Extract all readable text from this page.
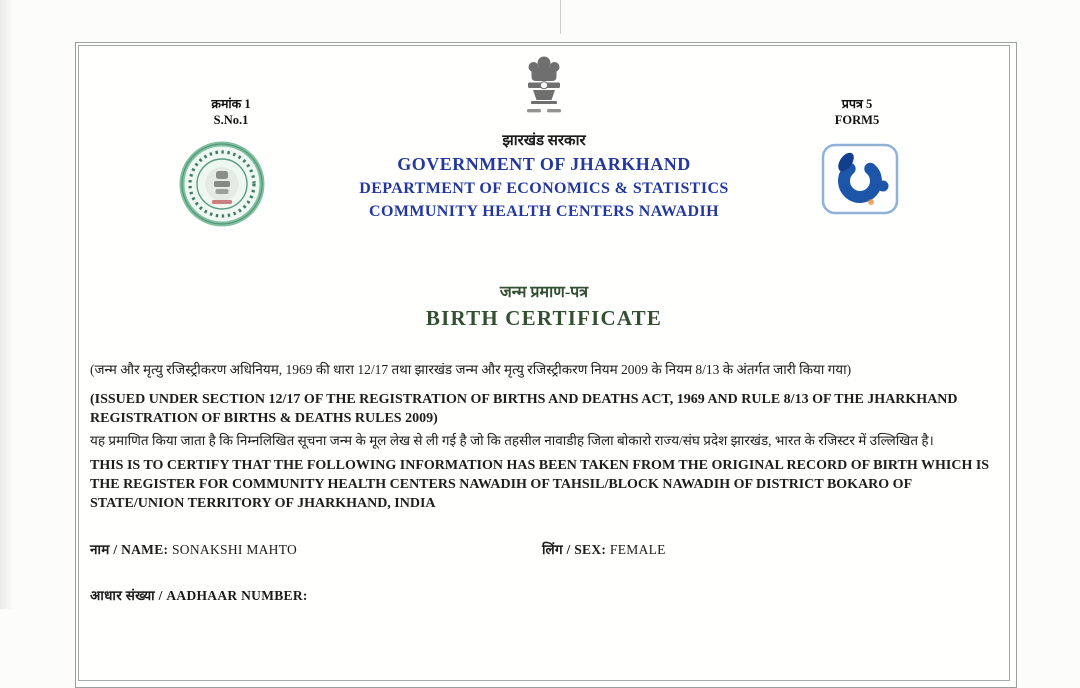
क्रमांक 1
S.No.1
प्रपत्र 5
FORM5
झारखंड सरकार
GOVERNMENT OF JHARKHAND
DEPARTMENT OF ECONOMICS & STATISTICS
COMMUNITY HEALTH CENTERS NAWADIH
जन्म प्रमाण-पत्र
BIRTH CERTIFICATE

(जन्म और मृत्यु रजिस्ट्रीकरण अधिनियम, 1969 की धारा 12/17 तथा झारखंड जन्म और मृत्यु रजिस्ट्रीकरण नियम 2009 के नियम 8/13 के अंतर्गत जारी किया गया)

(ISSUED UNDER SECTION 12/17 OF THE REGISTRATION OF BIRTHS AND DEATHS ACT, 1969 AND RULE 8/13 OF THE JHARKHAND REGISTRATION OF BIRTHS & DEATHS RULES 2009)

यह प्रमाणित किया जाता है कि निम्नलिखित सूचना जन्म के मूल लेख से ली गई है जो कि तहसील नावाडीह जिला बोकारो राज्य/संघ प्रदेश झारखंड, भारत के रजिस्टर में उल्लिखित है।

THIS IS TO CERTIFY THAT THE FOLLOWING INFORMATION HAS BEEN TAKEN FROM THE ORIGINAL RECORD OF BIRTH WHICH IS THE REGISTER FOR COMMUNITY HEALTH CENTERS NAWADIH OF TAHSIL/BLOCK NAWADIH OF DISTRICT BOKARO OF STATE/UNION TERRITORY OF JHARKHAND, INDIA

नाम / NAME: SONAKSHI MAHTO	लिंग / SEX: FEMALE
आधार संख्या / AADHAAR NUMBER:
